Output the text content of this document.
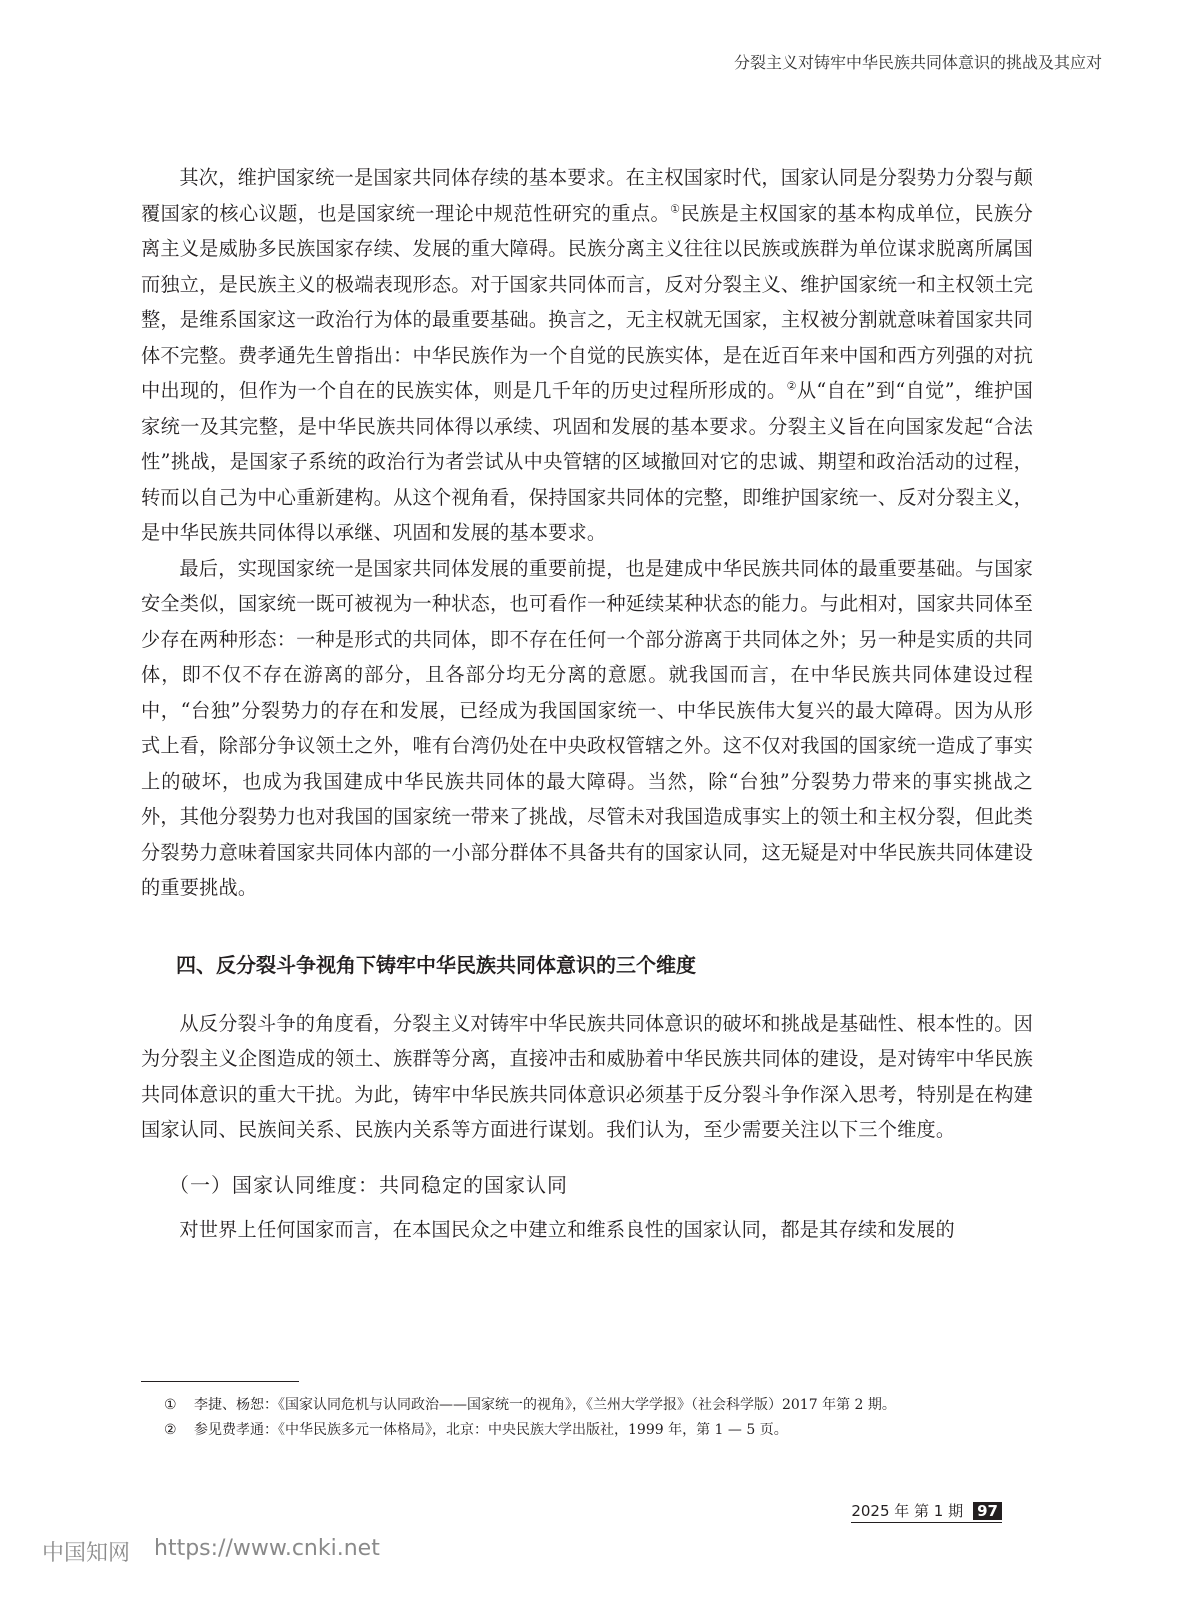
分裂主义对铸牢中华民族共同体意识的挑战及其应对

其次，维护国家统一是国家共同体存续的基本要求。在主权国家时代，国家认同是分裂势力分裂与颠覆国家的核心议题，也是国家统一理论中规范性研究的重点。①民族是主权国家的基本构成单位，民族分离主义是威胁多民族国家存续、发展的重大障碍。民族分离主义往往以民族或族群为单位谋求脱离所属国而独立，是民族主义的极端表现形态。对于国家共同体而言，反对分裂主义、维护国家统一和主权领土完整，是维系国家这一政治行为体的最重要基础。换言之，无主权就无国家，主权被分割就意味着国家共同体不完整。费孝通先生曾指出：中华民族作为一个自觉的民族实体，是在近百年来中国和西方列强的对抗中出现的，但作为一个自在的民族实体，则是几千年的历史过程所形成的。②从“自在”到“自觉”，维护国家统一及其完整，是中华民族共同体得以承续、巩固和发展的基本要求。分裂主义旨在向国家发起“合法性”挑战，是国家子系统的政治行为者尝试从中央管辖的区域撤回对它的忠诚、期望和政治活动的过程，转而以自己为中心重新建构。从这个视角看，保持国家共同体的完整，即维护国家统一、反对分裂主义，是中华民族共同体得以承继、巩固和发展的基本要求。

最后，实现国家统一是国家共同体发展的重要前提，也是建成中华民族共同体的最重要基础。与国家安全类似，国家统一既可被视为一种状态，也可看作一种延续某种状态的能力。与此相对，国家共同体至少存在两种形态：一种是形式的共同体，即不存在任何一个部分游离于共同体之外；另一种是实质的共同体，即不仅不存在游离的部分，且各部分均无分离的意愿。就我国而言，在中华民族共同体建设过程中，“台独”分裂势力的存在和发展，已经成为我国国家统一、中华民族伟大复兴的最大障碍。因为从形式上看，除部分争议领土之外，唯有台湾仍处在中央政权管辖之外。这不仅对我国的国家统一造成了事实上的破坏，也成为我国建成中华民族共同体的最大障碍。当然，除“台独”分裂势力带来的事实挑战之外，其他分裂势力也对我国的国家统一带来了挑战，尽管未对我国造成事实上的领土和主权分裂，但此类分裂势力意味着国家共同体内部的一小部分群体不具备共有的国家认同，这无疑是对中华民族共同体建设的重要挑战。

四、反分裂斗争视角下铸牢中华民族共同体意识的三个维度

从反分裂斗争的角度看，分裂主义对铸牢中华民族共同体意识的破坏和挑战是基础性、根本性的。因为分裂主义企图造成的领土、族群等分离，直接冲击和威胁着中华民族共同体的建设，是对铸牢中华民族共同体意识的重大干扰。为此，铸牢中华民族共同体意识必须基于反分裂斗争作深入思考，特别是在构建国家认同、民族间关系、民族内关系等方面进行谋划。我们认为，至少需要关注以下三个维度。

（一）国家认同维度：共同稳定的国家认同

对世界上任何国家而言，在本国民众之中建立和维系良性的国家认同，都是其存续和发展的

① 李捷、杨恕：《国家认同危机与认同政治——国家统一的视角》，《兰州大学学报》（社会科学版）2017 年第 2 期。
② 参见费孝通：《中华民族多元一体格局》，北京：中央民族大学出版社，1999 年，第 1 — 5 页。
2025 年 第 1 期 97
中国知网 https://www.cnki.net
